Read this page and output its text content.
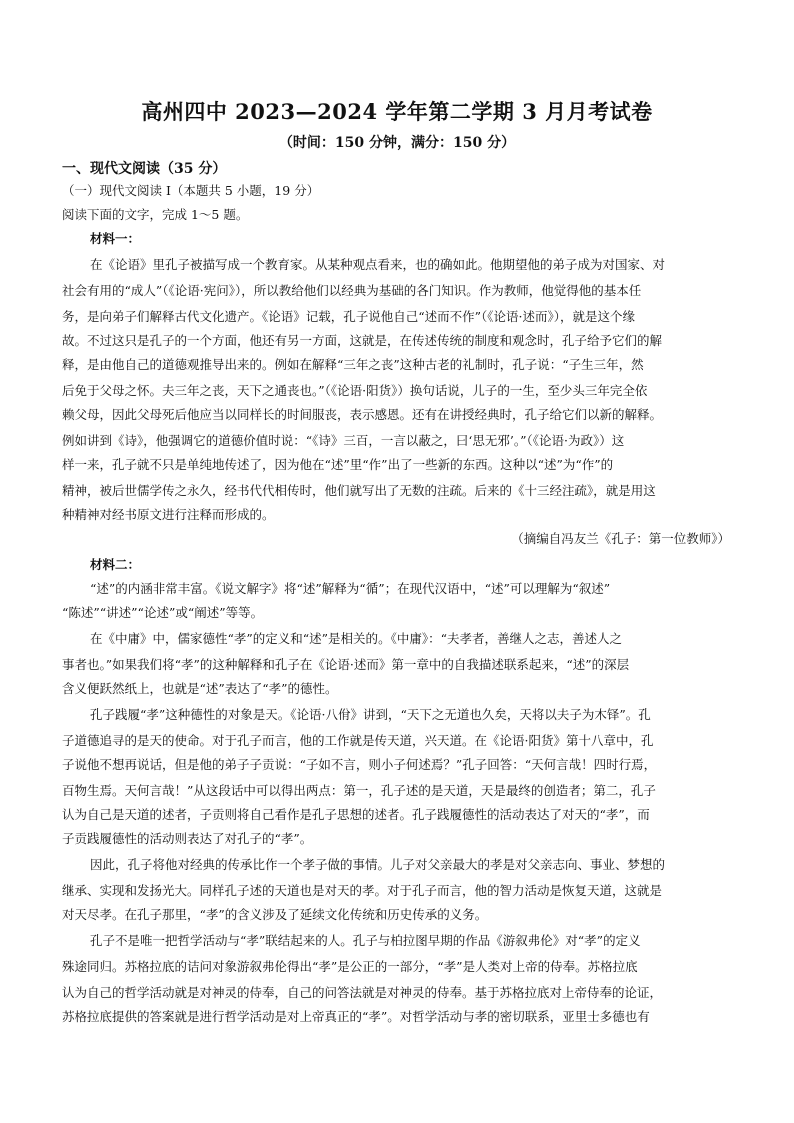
高州四中 2023—2024 学年第二学期 3 月月考试卷
（时间：150 分钟，满分：150 分）
一、现代文阅读（35 分）
（一）现代文阅读 I（本题共 5 小题，19 分）
阅读下面的文字，完成 1～5 题。
材料一：
在《论语》里孔子被描写成一个教育家。从某种观点看来，也的确如此。他期望他的弟子成为对国家、对
社会有用的“成人”（《论语·宪问》），所以教给他们以经典为基础的各门知识。作为教师，他觉得他的基本任
务，是向弟子们解释古代文化遗产。《论语》记载，孔子说他自己“述而不作”（《论语·述而》），就是这个缘
故。不过这只是孔子的一个方面，他还有另一方面，这就是，在传述传统的制度和观念时，孔子给予它们的解
释，是由他自己的道德观推导出来的。例如在解释“三年之丧”这种古老的礼制时，孔子说：“子生三年，然
后免于父母之怀。夫三年之丧，天下之通丧也。”（《论语·阳货》）换句话说，儿子的一生，至少头三年完全依
赖父母，因此父母死后他应当以同样长的时间服丧，表示感恩。还有在讲授经典时，孔子给它们以新的解释。
例如讲到《诗》，他强调它的道德价值时说：“《诗》三百，一言以蔽之，曰‘思无邪’。”（《论语·为政》）这
样一来，孔子就不只是单纯地传述了，因为他在“述”里“作”出了一些新的东西。这种以“述”为“作”的
精神，被后世儒学传之永久，经书代代相传时，他们就写出了无数的注疏。后来的《十三经注疏》，就是用这
种精神对经书原文进行注释而形成的。
（摘编自冯友兰《孔子：第一位教师》）
材料二：
“述”的内涵非常丰富。《说文解字》将“述”解释为“循”；在现代汉语中，“述”可以理解为“叙述”
“陈述”“讲述”“论述”或“阐述”等等。
在《中庸》中，儒家德性“孝”的定义和“述”是相关的。《中庸》：“夫孝者，善继人之志，善述人之
事者也。”如果我们将“孝”的这种解释和孔子在《论语·述而》第一章中的自我描述联系起来，“述”的深层
含义便跃然纸上，也就是“述”表达了“孝”的德性。
孔子践履“孝”这种德性的对象是天。《论语·八佾》讲到，“天下之无道也久矣，天将以夫子为木铎”。孔
子道德追寻的是天的使命。对于孔子而言，他的工作就是传天道，兴天道。在《论语·阳货》第十八章中，孔
子说他不想再说话，但是他的弟子子贡说：“子如不言，则小子何述焉？”孔子回答：“天何言哉！四时行焉，
百物生焉。天何言哉！”从这段话中可以得出两点：第一，孔子述的是天道，天是最终的创造者；第二，孔子
认为自己是天道的述者，子贡则将自己看作是孔子思想的述者。孔子践履德性的活动表达了对天的“孝”，而
子贡践履德性的活动则表达了对孔子的“孝”。
因此，孔子将他对经典的传承比作一个孝子做的事情。儿子对父亲最大的孝是对父亲志向、事业、梦想的
继承、实现和发扬光大。同样孔子述的天道也是对天的孝。对于孔子而言，他的智力活动是恢复天道，这就是
对天尽孝。在孔子那里，“孝”的含义涉及了延续文化传统和历史传承的义务。
孔子不是唯一把哲学活动与“孝”联结起来的人。孔子与柏拉图早期的作品《游叙弗伦》对“孝”的定义
殊途同归。苏格拉底的诘问对象游叙弗伦得出“孝”是公正的一部分，“孝”是人类对上帝的侍奉。苏格拉底
认为自己的哲学活动就是对神灵的侍奉，自己的问答法就是对神灵的侍奉。基于苏格拉底对上帝侍奉的论证，
苏格拉底提供的答案就是进行哲学活动是对上帝真正的“孝”。对哲学活动与孝的密切联系，亚里士多德也有
